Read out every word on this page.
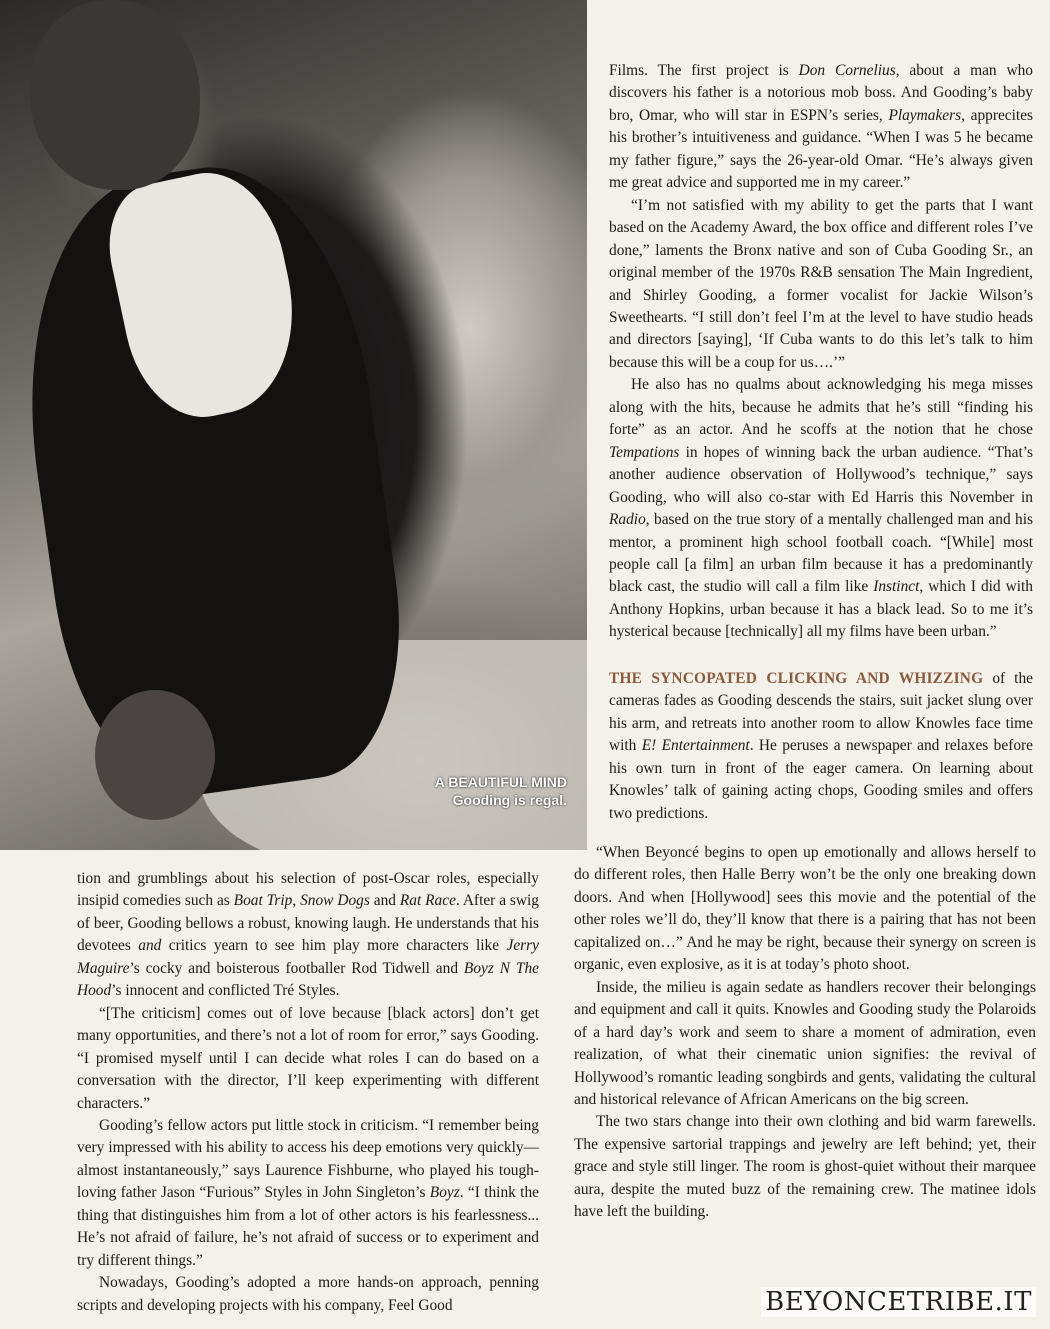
A BEAUTIFUL MIND
Gooding is regal.

Films. The first project is Don Cornelius, about a man who discovers his father is a notorious mob boss. And Gooding’s baby bro, Omar, who will star in ESPN’s series, Playmakers, apprecites his brother’s intuitiveness and guidance. “When I was 5 he became my father figure,” says the 26-year-old Omar. “He’s always given me great advice and supported me in my career.”

“I’m not satisfied with my ability to get the parts that I want based on the Academy Award, the box office and different roles I’ve done,” laments the Bronx native and son of Cuba Gooding Sr., an original member of the 1970s R&B sensation The Main Ingredient, and Shirley Gooding, a former vocalist for Jackie Wilson’s Sweethearts. “I still don’t feel I’m at the level to have studio heads and directors [saying], ‘If Cuba wants to do this let’s talk to him because this will be a coup for us….’”

He also has no qualms about acknowledging his mega misses along with the hits, because he admits that he’s still “finding his forte” as an actor. And he scoffs at the notion that he chose Tempations in hopes of winning back the urban audience. “That’s another audience observation of Hollywood’s technique,” says Gooding, who will also co-star with Ed Harris this November in Radio, based on the true story of a mentally challenged man and his mentor, a prominent high school football coach. “[While] most people call [a film] an urban film because it has a predominantly black cast, the studio will call a film like Instinct, which I did with Anthony Hopkins, urban because it has a black lead. So to me it’s hysterical because [technically] all my films have been urban.”

THE SYNCOPATED CLICKING AND WHIZZING of the cameras fades as Gooding descends the stairs, suit jacket slung over his arm, and retreats into another room to allow Knowles face time with E! Entertainment. He peruses a newspaper and relaxes before his own turn in front of the eager camera. On learning about Knowles’ talk of gaining acting chops, Gooding smiles and offers two predictions.

“When Beyoncé begins to open up emotionally and allows herself to do different roles, then Halle Berry won’t be the only one breaking down doors. And when [Hollywood] sees this movie and the potential of the other roles we’ll do, they’ll know that there is a pairing that has not been capitalized on…” And he may be right, because their synergy on screen is organic, even explosive, as it is at today’s photo shoot.

Inside, the milieu is again sedate as handlers recover their belongings and equipment and call it quits. Knowles and Gooding study the Polaroids of a hard day’s work and seem to share a moment of admiration, even realization, of what their cinematic union signifies: the revival of Hollywood’s romantic leading songbirds and gents, validating the cultural and historical relevance of African Americans on the big screen.

The two stars change into their own clothing and bid warm farewells. The expensive sartorial trappings and jewelry are left behind; yet, their grace and style still linger. The room is ghost-quiet without their marquee aura, despite the muted buzz of the remaining crew. The matinee idols have left the building.

tion and grumblings about his selection of post-Oscar roles, especially insipid comedies such as Boat Trip, Snow Dogs and Rat Race. After a swig of beer, Gooding bellows a robust, knowing laugh. He understands that his devotees and critics yearn to see him play more characters like Jerry Maguire’s cocky and boisterous footballer Rod Tidwell and Boyz N The Hood’s innocent and conflicted Tré Styles.

“[The criticism] comes out of love because [black actors] don’t get many opportunities, and there’s not a lot of room for error,” says Gooding. “I promised myself until I can decide what roles I can do based on a conversation with the director, I’ll keep experimenting with different characters.”

Gooding’s fellow actors put little stock in criticism. “I remember being very impressed with his ability to access his deep emotions very quickly—almost instantaneously,” says Laurence Fishburne, who played his tough-loving father Jason “Furious” Styles in John Singleton’s Boyz. “I think the thing that distinguishes him from a lot of other actors is his fearlessness... He’s not afraid of failure, he’s not afraid of success or to experiment and try different things.”

Nowadays, Gooding’s adopted a more hands-on approach, penning scripts and developing projects with his company, Feel Good	BEYONCETRIBE.IT
